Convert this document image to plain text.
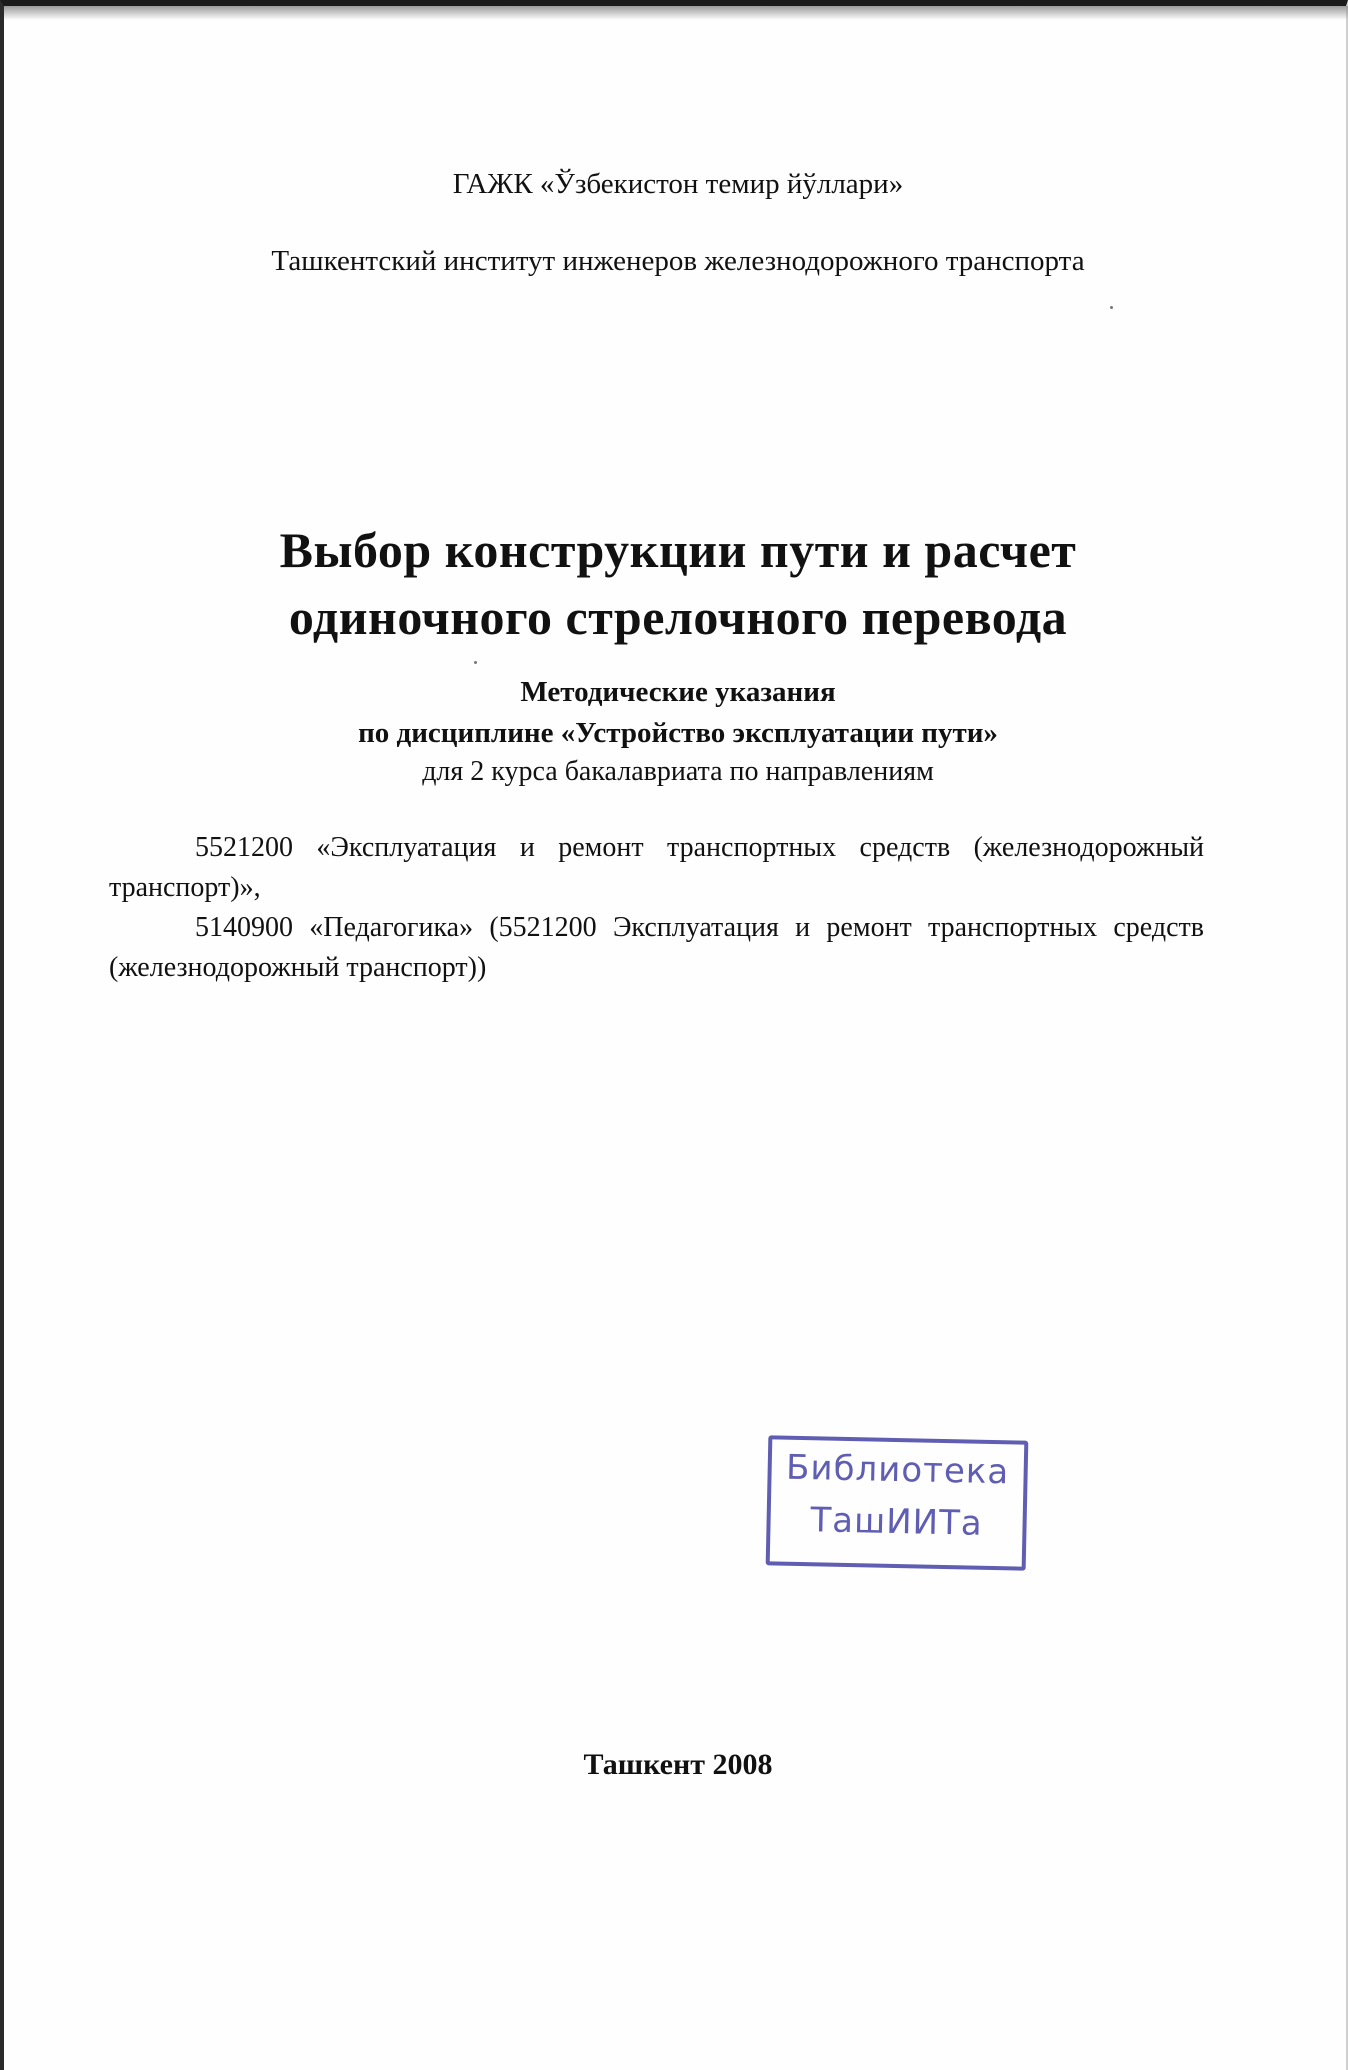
ГАЖК «Ўзбекистон темир йўллари»
Ташкентский институт инженеров железнодорожного транспорта
Выбор конструкции пути и расчет
одиночного стрелочного перевода
Методические указания
по дисциплине «Устройство эксплуатации пути»
для 2 курса бакалавриата по направлениям
5521200 «Эксплуатация и ремонт транспортных средств (железнодорожный транспорт)»,
5140900 «Педагогика» (5521200 Эксплуатация и ремонт транспортных средств (железнодорожный транспорт))
Библиотека
ТашИИТа
Ташкент 2008
